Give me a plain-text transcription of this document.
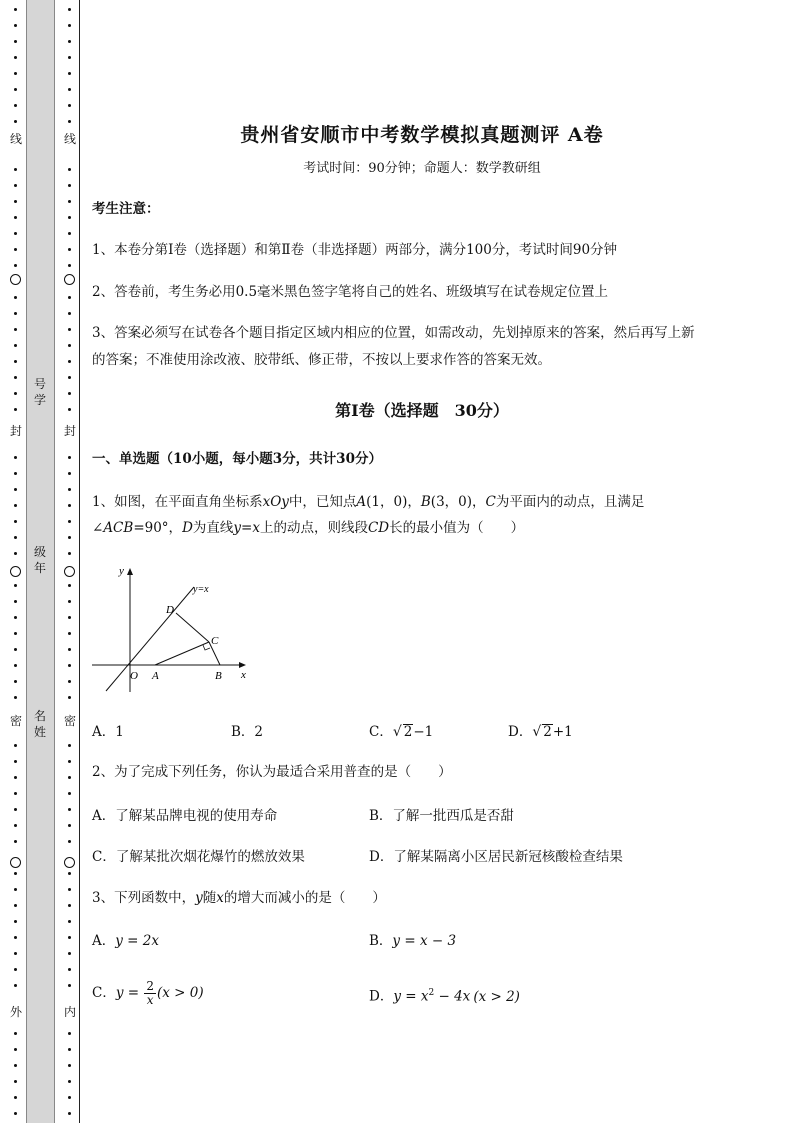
线
封
密
外
线
封
密
内
号学
级年
名姓
贵州省安顺市中考数学模拟真题测评 A卷
考试时间：90分钟；命题人：数学教研组
考生注意：
1、本卷分第I卷（选择题）和第Ⅱ卷（非选择题）两部分，满分100分，考试时间90分钟
2、答卷前，考生务必用0.5毫米黑色签字笔将自己的姓名、班级填写在试卷规定位置上
3、答案必须写在试卷各个题目指定区域内相应的位置，如需改动，先划掉原来的答案，然后再写上新
的答案；不准使用涂改液、胶带纸、修正带，不按以上要求作答的答案无效。
第I卷（选择题　30分）
一、单选题（10小题，每小题3分，共计30分）
1、如图，在平面直角坐标系xOy中，已知点A(1，0)，B(3，0)，C为平面内的动点，且满足
∠ACB=90°，D为直线y=x上的动点，则线段CD长的最小值为（　　）
A．1	B．2	C．√ 2−1	D．√ 2+1
2、为了完成下列任务，你认为最适合采用普查的是（　　）
A．了解某品牌电视的使用寿命	B．了解一批西瓜是否甜
C．了解某批次烟花爆竹的燃放效果	D．了解某隔离小区居民新冠核酸检查结果
3、下列函数中，y随x的增大而减小的是（　　）
A．y = 2x	B．y = x − 3
C．$y = \frac{2}{x} (x > 0)$	D．$y = x^2 - 4x$ (x > 2)
y
x
y=x
D
C
O A	B
